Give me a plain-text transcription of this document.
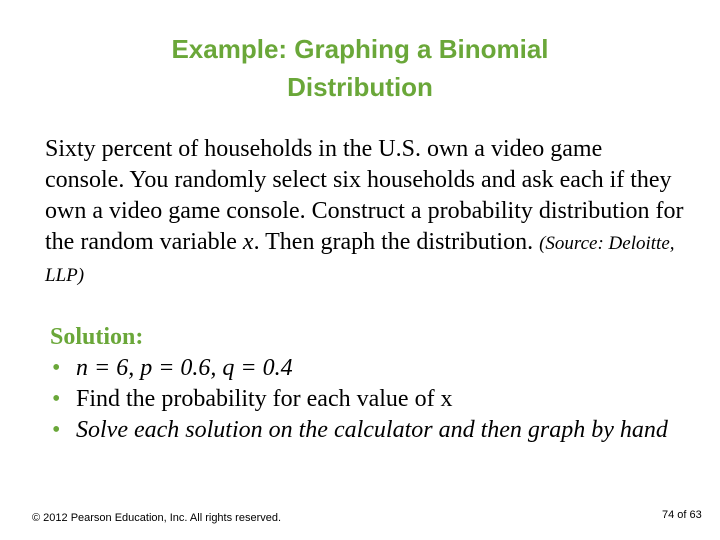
Example: Graphing a Binomial
Distribution
Sixty percent of households in the U.S. own a video game console. You randomly select six households and ask each if they own a video game console. Construct a probability distribution for the random variable x. Then graph the distribution. (Source: Deloitte, LLP)
Solution:
• n = 6, p = 0.6, q = 0.4
• Find the probability for each value of x
• Solve each solution on the calculator and then graph by hand
© 2012 Pearson Education, Inc. All rights reserved.	74 of 63
